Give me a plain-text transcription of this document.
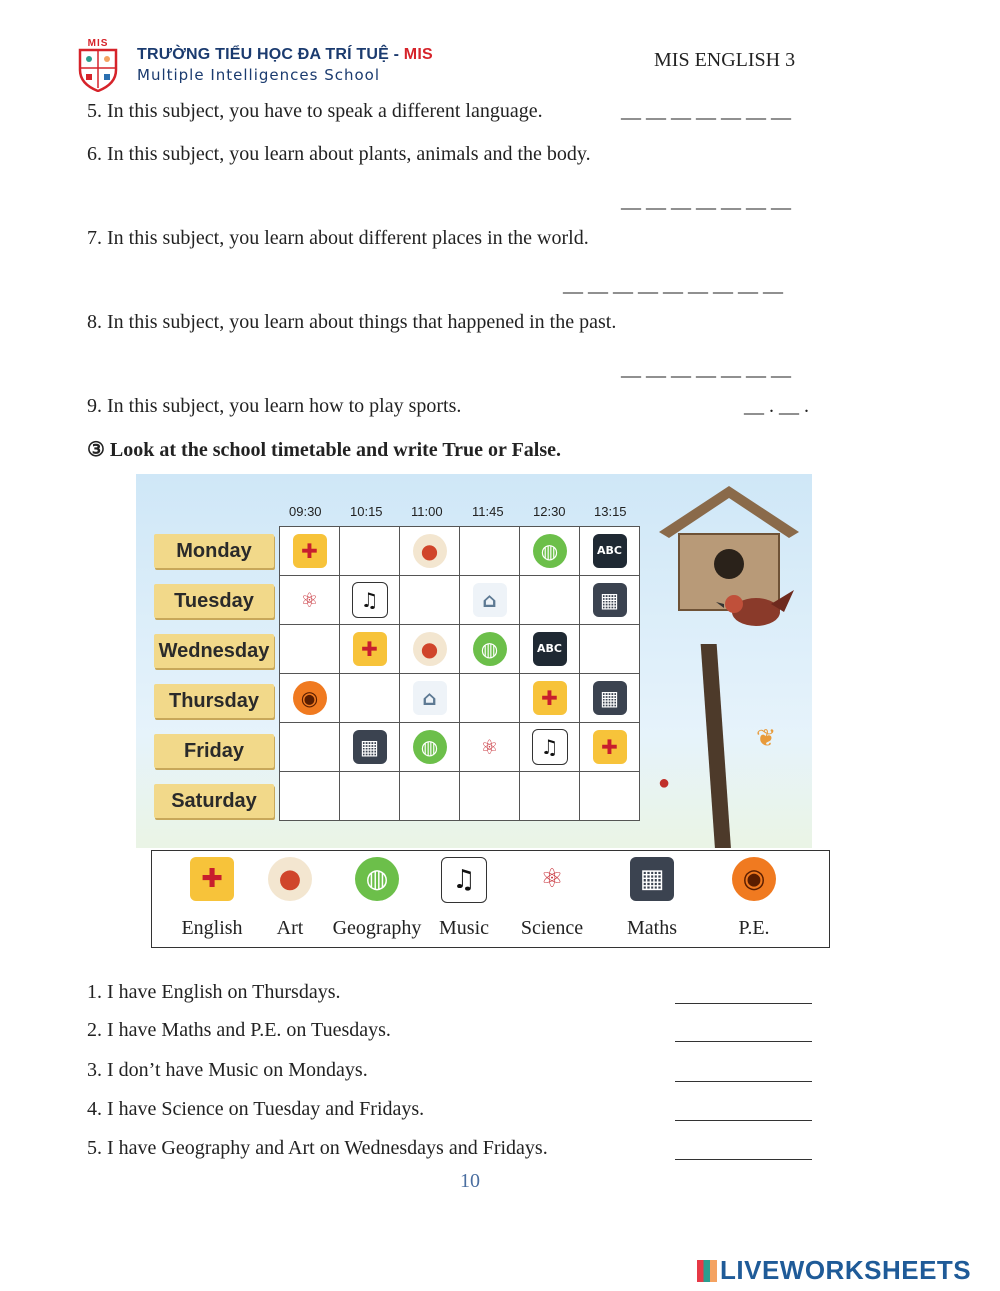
MIS
TRƯỜNG TIỂU HỌC ĐA TRÍ TUỆ - MIS
Multiple Intelligences School
MIS ENGLISH 3
5. In this subject, you have to speak a different language.	__ __ __ __ __ __ __
6. In this subject, you learn about plants, animals and the body.
__ __ __ __ __ __ __
7. In this subject, you learn about different places in the world.
__ __ __ __ __ __ __ __ __
8. In this subject, you learn about things that happened in the past.
__ __ __ __ __ __ __
9. In this subject, you learn how to play sports.	__ . __ .
③ Look at the school timetable and write True or False.
09:30 10:15 11:00 11:45 12:30 13:15
Monday
Tuesday
Wednesday
Thursday
Friday
Saturday
✚		●		◍	ABC
⚛	♫		⌂		▦
	✚	●	◍	ABC	
◉		⌂		✚	▦
	▦	◍	⚛	♫	✚
						❦
●
✚
English
●
Art
◍
Geography
♫
Music
⚛
Science
▦
Maths
◉
P.E.
1. I have English on Thursdays.
2. I have Maths and P.E. on Tuesdays.
3. I don’t have Music on Mondays.
4. I have Science on Tuesday and Fridays.
5. I have Geography and Art on Wednesdays and Fridays.
10
LIVEWORKSHEETS
